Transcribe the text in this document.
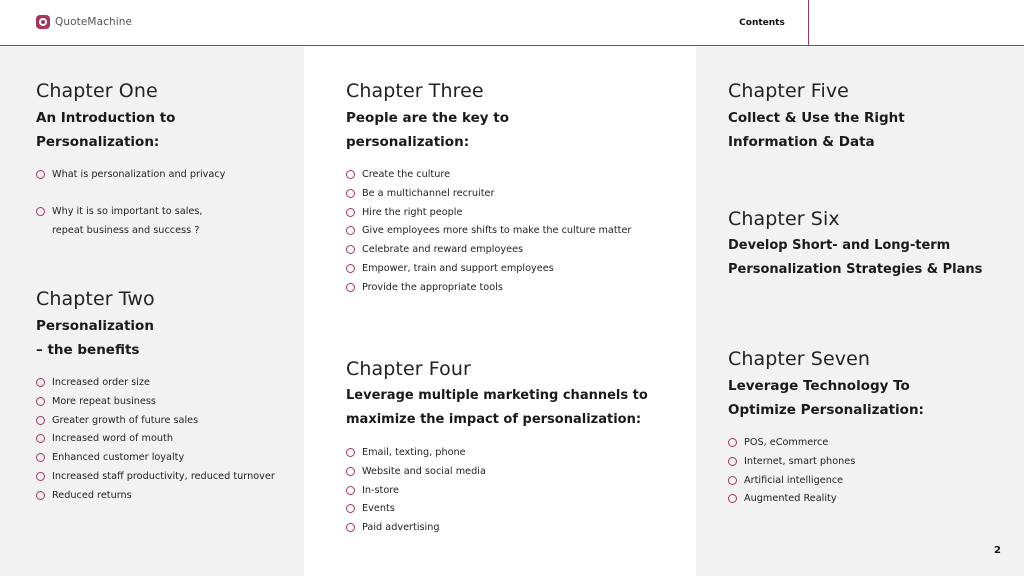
QuoteMachine	Contents
Chapter One
An Introduction to
Personalization:
What is personalization and privacy
Why it is so important to sales,
repeat business and success ?
Chapter Two
Personalization
– the benefits
Increased order size
More repeat business
Greater growth of future sales
Increased word of mouth
Enhanced customer loyalty
Increased staff productivity, reduced turnover
Reduced returns
Chapter Three
People are the key to
personalization:
Create the culture
Be a multichannel recruiter
Hire the right people
Give employees more shifts to make the culture matter
Celebrate and reward employees
Empower, train and support employees
Provide the appropriate tools
Chapter Four
Leverage multiple marketing channels to
maximize the impact of personalization:
Email, texting, phone
Website and social media
In-store
Events
Paid advertising
Chapter Five
Collect & Use the Right
Information & Data
Chapter Six
Develop Short- and Long-term
Personalization Strategies & Plans
Chapter Seven
Leverage Technology To
Optimize Personalization:
POS, eCommerce
Internet, smart phones
Artificial intelligence
Augmented Reality
2
